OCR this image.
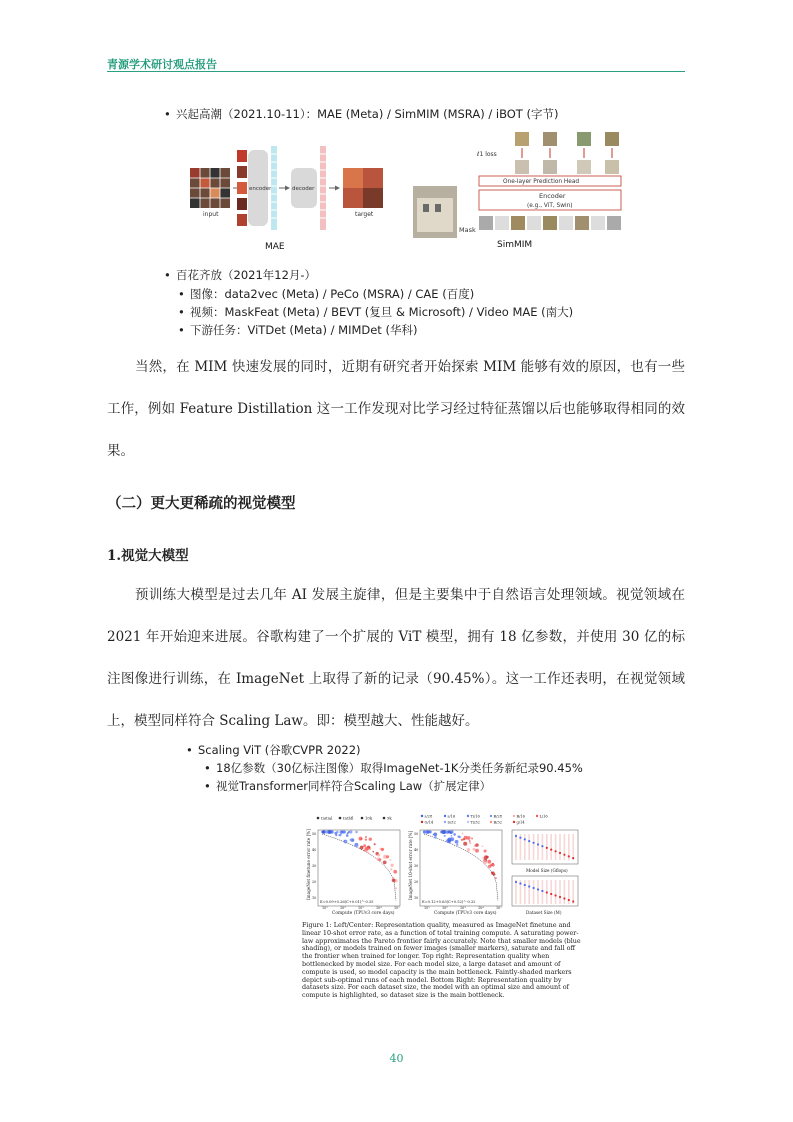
青源学术研讨观点报告
• 兴起高潮（2021.10-11）：MAE (Meta) / SimMIM (MSRA) / iBOT (字节)
input
encoder	decoder
target
MAE
ℓ1 loss
One-layer Prediction Head
Encoder
(e.g., ViT, Swin)
Mask
SimMIM
• 百花齐放（2021年12月-）
• 图像：data2vec (Meta) / PeCo (MSRA) / CAE (百度)
• 视频：MaskFeat (Meta) / BEVT (复旦 & Microsoft) / Video MAE (南大)
• 下游任务：ViTDet (Meta) / MIMDet (华科)
当然，在 MIM 快速发展的同时，近期有研究者开始探索 MIM 能够有效的原因，也有一些工作，例如 Feature Distillation 这一工作发现对比学习经过特征蒸馏以后也能够取得相同的效果。
（二）更大更稀疏的视觉模型
1.视觉大模型
预训练大模型是过去几年 AI 发展主旋律，但是主要集中于自然语言处理领域。视觉领域在 2021 年开始迎来进展。谷歌构建了一个扩展的 ViT 模型，拥有 18 亿参数，并使用 30 亿的标注图像进行训练，在 ImageNet 上取得了新的记录（90.45%）。这一工作还表明，在视觉领域上，模型同样符合 Scaling Law。即：模型越大、性能越好。
• Scaling ViT (谷歌CVPR 2022)
• 18亿参数（30亿标注图像）取得ImageNet-1K分类任务新纪录90.45%
• 视觉Transformer同样符合Scaling Law（扩展定律）
Initial	Intbfl	10k	9k	s/28	s/16	Ti/16	B/28	B/16	L/16
G/14	S/32	Ti/32	B/32	g/14
ImageNet finetune error rate [%]
Compute (TPUv3 core days)
E=0.09+0.26(C+0.01)^-0.35
ImageNet 10-shot error rate [%]
Compute (TPUv3 core days)
E=0.12+0.63(C+0.52)^-0.32
Model Size (Gflops)
Dataset Size (M)
10¹	10²	10³	10⁴	10⁵
50
40
30
20
10
10¹	10²	10³	10⁴	10⁵
50
40
30
20
10
Figure 1: Left/Center: Representation quality, measured as ImageNet finetune and linear 10-shot error rate, as a function of total training compute. A saturating power-law approximates the Pareto frontier fairly accurately. Note that smaller models (blue shading), or models trained on fewer images (smaller markers), saturate and fall off the frontier when trained for longer. Top right: Representation quality when bottlenecked by model size. For each model size, a large dataset and amount of compute is used, so model capacity is the main bottleneck. Faintly-shaded markers depict sub-optimal runs of each model. Bottom Right: Representation quality by datasets size. For each dataset size, the model with an optimal size and amount of compute is highlighted, so dataset size is the main bottleneck.
40
